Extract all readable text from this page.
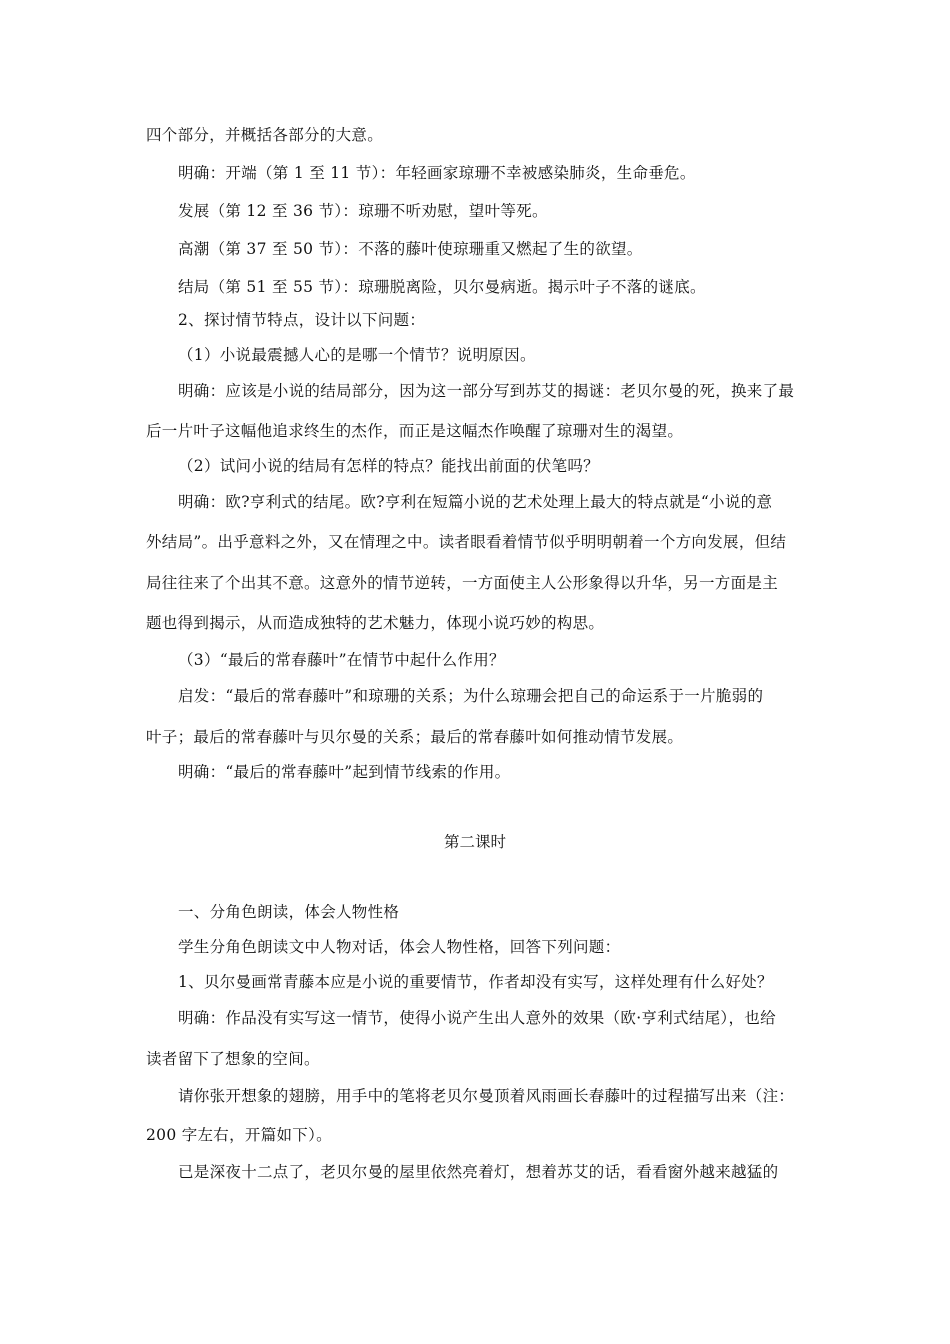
四个部分，并概括各部分的大意。
明确：开端（第 1 至 11 节）：年轻画家琼珊不幸被感染肺炎，生命垂危。
发展（第 12 至 36 节）：琼珊不听劝慰，望叶等死。
高潮（第 37 至 50 节）：不落的藤叶使琼珊重又燃起了生的欲望。
结局（第 51 至 55 节）：琼珊脱离险，贝尔曼病逝。揭示叶子不落的谜底。
2、探讨情节特点，设计以下问题：
（1）小说最震撼人心的是哪一个情节？说明原因。
明确：应该是小说的结局部分，因为这一部分写到苏艾的揭谜：老贝尔曼的死，换来了最
后一片叶子这幅他追求终生的杰作，而正是这幅杰作唤醒了琼珊对生的渴望。
（2）试问小说的结局有怎样的特点？能找出前面的伏笔吗？
明确：欧?亨利式的结尾。欧?亨利在短篇小说的艺术处理上最大的特点就是“小说的意
外结局”。出乎意料之外，又在情理之中。读者眼看着情节似乎明明朝着一个方向发展，但结
局往往来了个出其不意。这意外的情节逆转，一方面使主人公形象得以升华，另一方面是主
题也得到揭示，从而造成独特的艺术魅力，体现小说巧妙的构思。
（3）“最后的常春藤叶”在情节中起什么作用？
启发：“最后的常春藤叶”和琼珊的关系；为什么琼珊会把自己的命运系于一片脆弱的
叶子；最后的常春藤叶与贝尔曼的关系；最后的常春藤叶如何推动情节发展。
明确：“最后的常春藤叶”起到情节线索的作用。
第二课时
一、分角色朗读，体会人物性格
学生分角色朗读文中人物对话，体会人物性格，回答下列问题：
1、贝尔曼画常青藤本应是小说的重要情节，作者却没有实写，这样处理有什么好处？
明确：作品没有实写这一情节，使得小说产生出人意外的效果（欧·亨利式结尾），也给
读者留下了想象的空间。
请你张开想象的翅膀，用手中的笔将老贝尔曼顶着风雨画长春藤叶的过程描写出来（注：
200 字左右，开篇如下）。
已是深夜十二点了，老贝尔曼的屋里依然亮着灯，想着苏艾的话，看看窗外越来越猛的
